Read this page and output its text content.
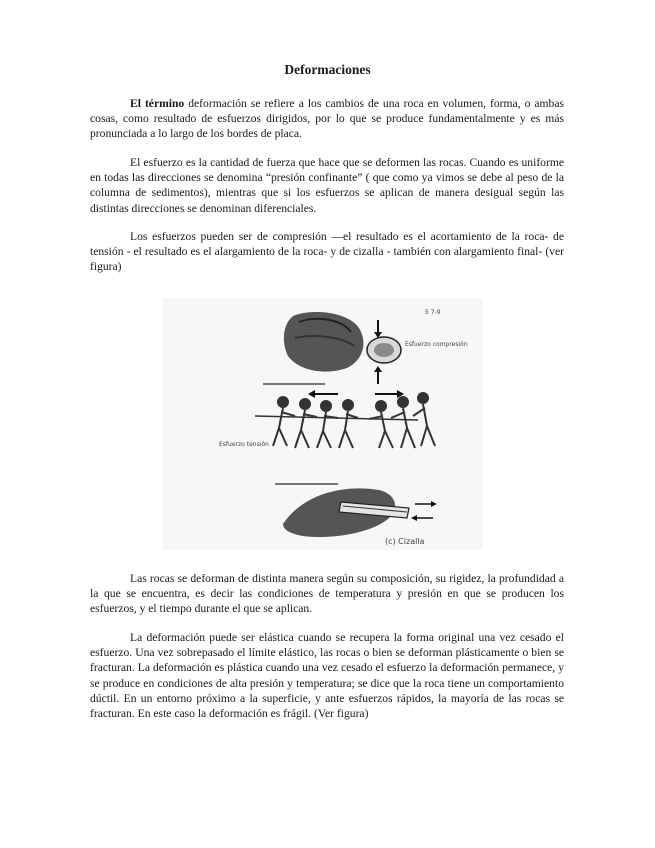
Deformaciones

El término deformación se refiere a los cambios de una roca en volumen, forma, o ambas cosas, como resultado de esfuerzos dirigidos, por lo que se produce fundamentalmente y es más pronunciada a lo largo de los bordes de placa.

El esfuerzo es la cantidad de fuerza que hace que se deformen las rocas. Cuando es uniforme en todas las direcciones se denomina “presión confinante” ( que como ya vimos se debe al peso de la columna de sedimentos), mientras que si los esfuerzos se aplican de manera desigual según las distintas direcciones se denominan diferenciales.

Los esfuerzos pueden ser de compresión —el resultado es el acortamiento de la roca- de tensión - el resultado es el alargamiento de la roca- y de cizalla - también con alargamiento final- (ver figura)

Esfuerzo compresión
5 7-9
Esfuerzo tensión
(c) Cizalla

Las rocas se deforman de distinta manera según su composición, su rigidez, la profundidad a la que se encuentra, es decir las condiciones de temperatura y presión en que se producen los esfuerzos, y el tiempo durante el que se aplican.

La deformación puede ser elástica cuando se recupera la forma original una vez cesado el esfuerzo. Una vez sobrepasado el límite elástico, las rocas o bien se deforman plásticamente o bien se fracturan. La deformación es plástica cuando una vez cesado el esfuerzo la deformación permanece, y se produce en condiciones de alta presión y temperatura; se dice que la roca tiene un comportamiento dúctil. En un entorno próximo a la superficie, y ante esfuerzos rápidos, la mayoría de las rocas se fracturan. En este caso la deformación es frágil. (Ver figura)
